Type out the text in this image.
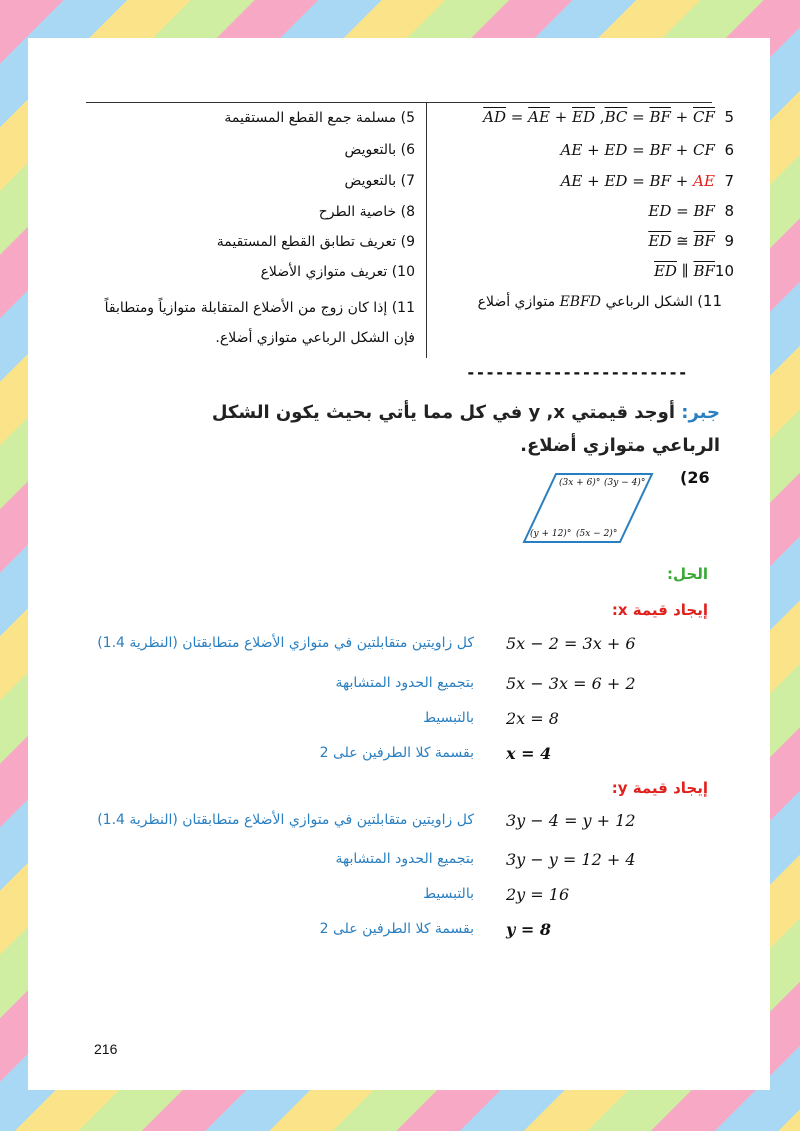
5) مسلمة جمع القطع المستقيمة
6) بالتعويض
7) بالتعويض
8) خاصية الطرح
9) تعريف تطابق القطع المستقيمة
10) تعريف متوازي الأضلاع
11) إذا كان زوج من الأضلاع المتقابلة متوازياً ومتطابقاً فإن الشكل الرباعي متوازي أضلاع.
$\overline{AD} = \overline{AE} + \overline{ED}$ $,\overline{BC} = \overline{BF} + \overline{CF}$ 5
AE + ED = BF + CF 6
AE + ED = BF + AE 7
ED = BF 8
$\overline{ED}$ ≅ $\overline{BF}$ 9
$\overline{ED}$ ∥ $\overline{BF}10$
11) الشكل الرباعي EBFD متوازي أضلاع
-----------------------
جبر: أوجد قيمتي y ,x في كل مما يأتي بحيث يكون الشكل الرباعي متوازي أضلاع.
(26
(3x + 6)° (3y − 4)°
(y + 12)° (5x − 2)°
الحل:
إيجاد قيمة x:
5x − 2 = 3x + 6
كل زاويتين متقابلتين في متوازي الأضلاع متطابقتان (النظرية 1.4)
5x − 3x = 6 + 2
بتجميع الحدود المتشابهة
2x = 8
بالتبسيط
x = 4
بقسمة كلا الطرفين على 2
إيجاد قيمة y:
3y − 4 = y + 12
كل زاويتين متقابلتين في متوازي الأضلاع متطابقتان (النظرية 1.4)
3y − y = 12 + 4
بتجميع الحدود المتشابهة
2y = 16
بالتبسيط
y = 8
بقسمة كلا الطرفين على 2
216
